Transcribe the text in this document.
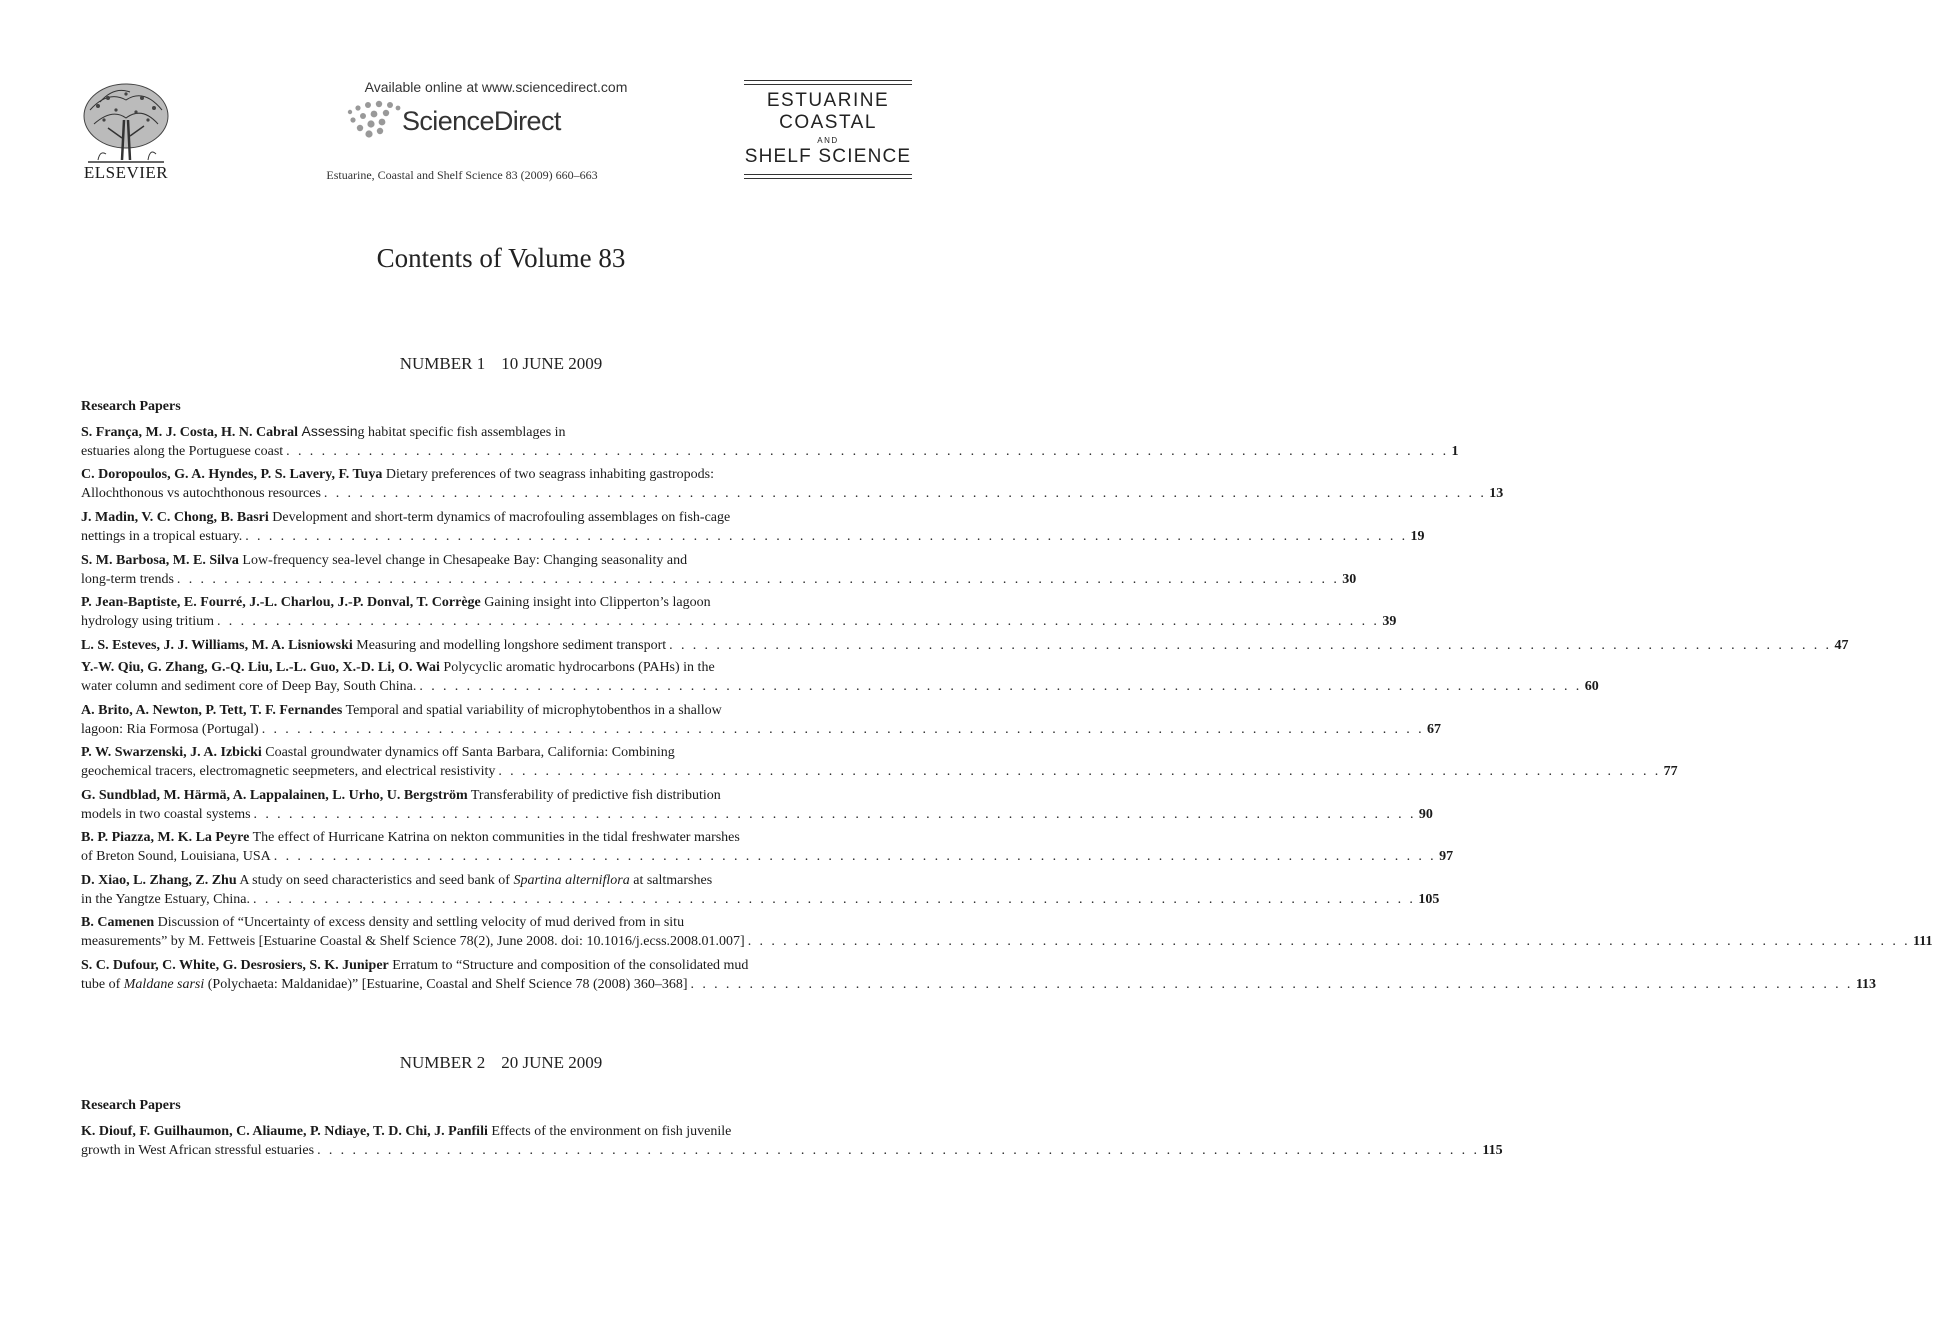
ELSEVIER
Available online at www.sciencedirect.com
ScienceDirect
Estuarine, Coastal and Shelf Science 83 (2009) 660–663
ESTUARINE
COASTAL
AND
SHELF SCIENCE
Contents of Volume 83
NUMBER 1 10 JUNE 2009
Research Papers
S. França, M. J. Costa, H. N. Cabral Assessing habitat specific fish assemblages in
estuaries along the Portuguese coast . . . . . . . . . . . . . . . . . . . . . . . . . . . . . . . . . . . . . . . . . . . . . . . . . . . . . . . . . . . . . . . . . . . . . . . . . . . . . . . . . . . . . . . . . . . . . . . . . . . 1
C. Doropoulos, G. A. Hyndes, P. S. Lavery, F. Tuya Dietary preferences of two seagrass inhabiting gastropods:
Allochthonous vs autochthonous resources . . . . . . . . . . . . . . . . . . . . . . . . . . . . . . . . . . . . . . . . . . . . . . . . . . . . . . . . . . . . . . . . . . . . . . . . . . . . . . . . . . . . . . . . . . . . . . . . . . . 13
J. Madin, V. C. Chong, B. Basri Development and short-term dynamics of macrofouling assemblages on fish-cage
nettings in a tropical estuary. . . . . . . . . . . . . . . . . . . . . . . . . . . . . . . . . . . . . . . . . . . . . . . . . . . . . . . . . . . . . . . . . . . . . . . . . . . . . . . . . . . . . . . . . . . . . . . . . . . . 19
S. M. Barbosa, M. E. Silva Low-frequency sea-level change in Chesapeake Bay: Changing seasonality and
long-term trends . . . . . . . . . . . . . . . . . . . . . . . . . . . . . . . . . . . . . . . . . . . . . . . . . . . . . . . . . . . . . . . . . . . . . . . . . . . . . . . . . . . . . . . . . . . . . . . . . . . 30
P. Jean-Baptiste, E. Fourré, J.-L. Charlou, J.-P. Donval, T. Corrège Gaining insight into Clipperton’s lagoon
hydrology using tritium . . . . . . . . . . . . . . . . . . . . . . . . . . . . . . . . . . . . . . . . . . . . . . . . . . . . . . . . . . . . . . . . . . . . . . . . . . . . . . . . . . . . . . . . . . . . . . . . . . . 39
L. S. Esteves, J. J. Williams, M. A. Lisniowski Measuring and modelling longshore sediment transport . . . . . . . . . . . . . . . . . . . . . . . . . . . . . . . . . . . . . . . . . . . . . . . . . . . . . . . . . . . . . . . . . . . . . . . . . . . . . . . . . . . . . . . . . . . . . . . . . . . 47
Y.-W. Qiu, G. Zhang, G.-Q. Liu, L.-L. Guo, X.-D. Li, O. Wai Polycyclic aromatic hydrocarbons (PAHs) in the
water column and sediment core of Deep Bay, South China. . . . . . . . . . . . . . . . . . . . . . . . . . . . . . . . . . . . . . . . . . . . . . . . . . . . . . . . . . . . . . . . . . . . . . . . . . . . . . . . . . . . . . . . . . . . . . . . . . . . 60
A. Brito, A. Newton, P. Tett, T. F. Fernandes Temporal and spatial variability of microphytobenthos in a shallow
lagoon: Ria Formosa (Portugal) . . . . . . . . . . . . . . . . . . . . . . . . . . . . . . . . . . . . . . . . . . . . . . . . . . . . . . . . . . . . . . . . . . . . . . . . . . . . . . . . . . . . . . . . . . . . . . . . . . . 67
P. W. Swarzenski, J. A. Izbicki Coastal groundwater dynamics off Santa Barbara, California: Combining
geochemical tracers, electromagnetic seepmeters, and electrical resistivity . . . . . . . . . . . . . . . . . . . . . . . . . . . . . . . . . . . . . . . . . . . . . . . . . . . . . . . . . . . . . . . . . . . . . . . . . . . . . . . . . . . . . . . . . . . . . . . . . . . 77
G. Sundblad, M. Härmä, A. Lappalainen, L. Urho, U. Bergström Transferability of predictive fish distribution
models in two coastal systems . . . . . . . . . . . . . . . . . . . . . . . . . . . . . . . . . . . . . . . . . . . . . . . . . . . . . . . . . . . . . . . . . . . . . . . . . . . . . . . . . . . . . . . . . . . . . . . . . . . 90
B. P. Piazza, M. K. La Peyre The effect of Hurricane Katrina on nekton communities in the tidal freshwater marshes
of Breton Sound, Louisiana, USA . . . . . . . . . . . . . . . . . . . . . . . . . . . . . . . . . . . . . . . . . . . . . . . . . . . . . . . . . . . . . . . . . . . . . . . . . . . . . . . . . . . . . . . . . . . . . . . . . . . 97
D. Xiao, L. Zhang, Z. Zhu A study on seed characteristics and seed bank of Spartina alterniflora at saltmarshes
in the Yangtze Estuary, China. . . . . . . . . . . . . . . . . . . . . . . . . . . . . . . . . . . . . . . . . . . . . . . . . . . . . . . . . . . . . . . . . . . . . . . . . . . . . . . . . . . . . . . . . . . . . . . . . . . . 105
B. Camenen Discussion of “Uncertainty of excess density and settling velocity of mud derived from in situ
measurements” by M. Fettweis [Estuarine Coastal & Shelf Science 78(2), June 2008. doi: 10.1016/j.ecss.2008.01.007] . . . . . . . . . . . . . . . . . . . . . . . . . . . . . . . . . . . . . . . . . . . . . . . . . . . . . . . . . . . . . . . . . . . . . . . . . . . . . . . . . . . . . . . . . . . . . . . . . . . 111
S. C. Dufour, C. White, G. Desrosiers, S. K. Juniper Erratum to “Structure and composition of the consolidated mud
tube of Maldane sarsi (Polychaeta: Maldanidae)” [Estuarine, Coastal and Shelf Science 78 (2008) 360–368] . . . . . . . . . . . . . . . . . . . . . . . . . . . . . . . . . . . . . . . . . . . . . . . . . . . . . . . . . . . . . . . . . . . . . . . . . . . . . . . . . . . . . . . . . . . . . . . . . . . 113
NUMBER 2 20 JUNE 2009
Research Papers
K. Diouf, F. Guilhaumon, C. Aliaume, P. Ndiaye, T. D. Chi, J. Panfili Effects of the environment on fish juvenile
growth in West African stressful estuaries . . . . . . . . . . . . . . . . . . . . . . . . . . . . . . . . . . . . . . . . . . . . . . . . . . . . . . . . . . . . . . . . . . . . . . . . . . . . . . . . . . . . . . . . . . . . . . . . . . . 115
